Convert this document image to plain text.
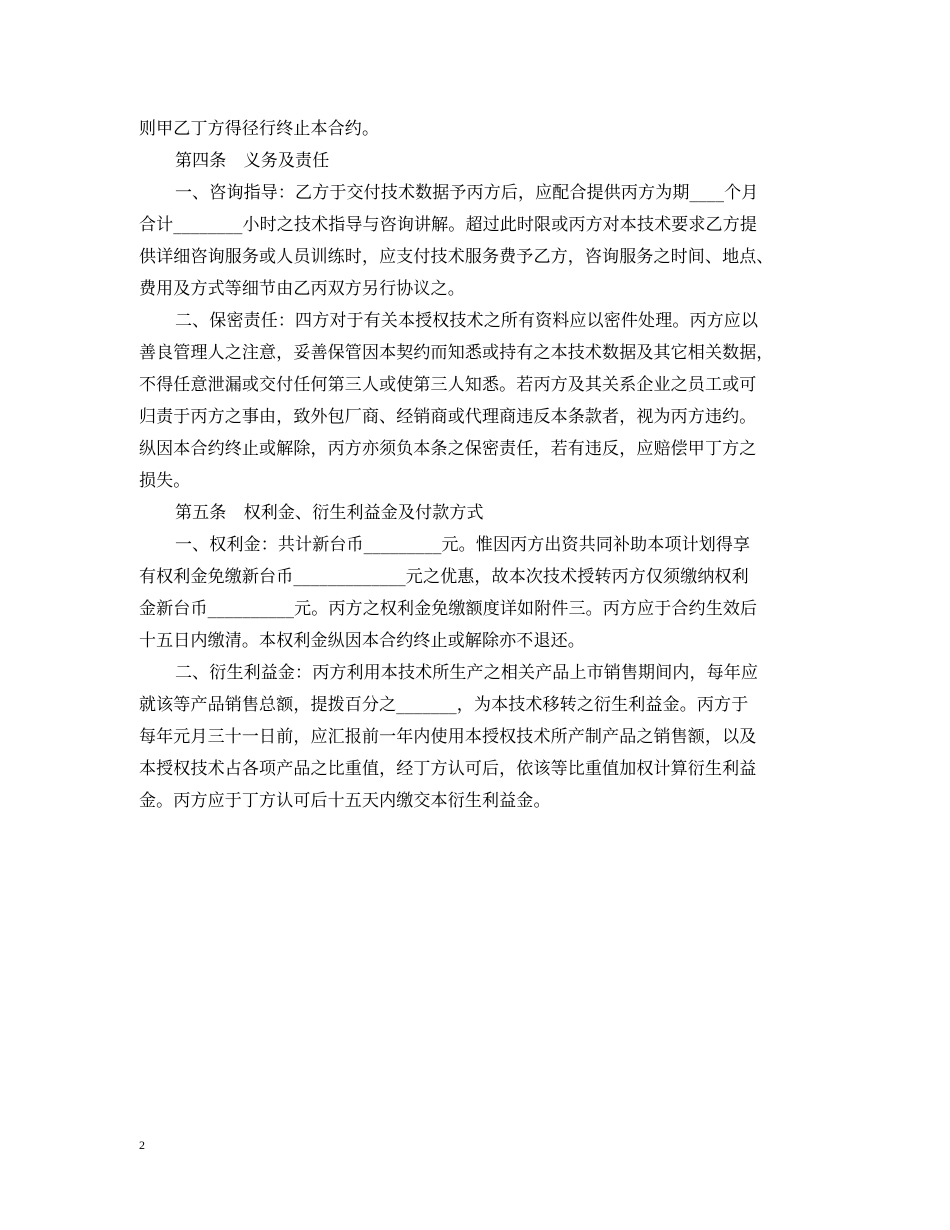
则甲乙丁方得径行终止本合约。
第四条　义务及责任
一、咨询指导：乙方于交付技术数据予丙方后，应配合提供丙方为期____个月
合计________小时之技术指导与咨询讲解。超过此时限或丙方对本技术要求乙方提
供详细咨询服务或人员训练时，应支付技术服务费予乙方，咨询服务之时间、地点、
费用及方式等细节由乙丙双方另行协议之。
二、保密责任：四方对于有关本授权技术之所有资料应以密件处理。丙方应以
善良管理人之注意，妥善保管因本契约而知悉或持有之本技术数据及其它相关数据，
不得任意泄漏或交付任何第三人或使第三人知悉。若丙方及其关系企业之员工或可
归责于丙方之事由，致外包厂商、经销商或代理商违反本条款者，视为丙方违约。
纵因本合约终止或解除，丙方亦须负本条之保密责任，若有违反，应赔偿甲丁方之
损失。
第五条　权利金、衍生利益金及付款方式
一、权利金：共计新台币_________元。惟因丙方出资共同补助本项计划得享
有权利金免缴新台币_____________元之优惠，故本次技术授转丙方仅须缴纳权利
金新台币__________元。丙方之权利金免缴额度详如附件三。丙方应于合约生效后
十五日内缴清。本权利金纵因本合约终止或解除亦不退还。
二、衍生利益金：丙方利用本技术所生产之相关产品上市销售期间内，每年应
就该等产品销售总额，提拨百分之_______，为本技术移转之衍生利益金。丙方于
每年元月三十一日前，应汇报前一年内使用本授权技术所产制产品之销售额，以及
本授权技术占各项产品之比重值，经丁方认可后，依该等比重值加权计算衍生利益
金。丙方应于丁方认可后十五天内缴交本衍生利益金。
2
